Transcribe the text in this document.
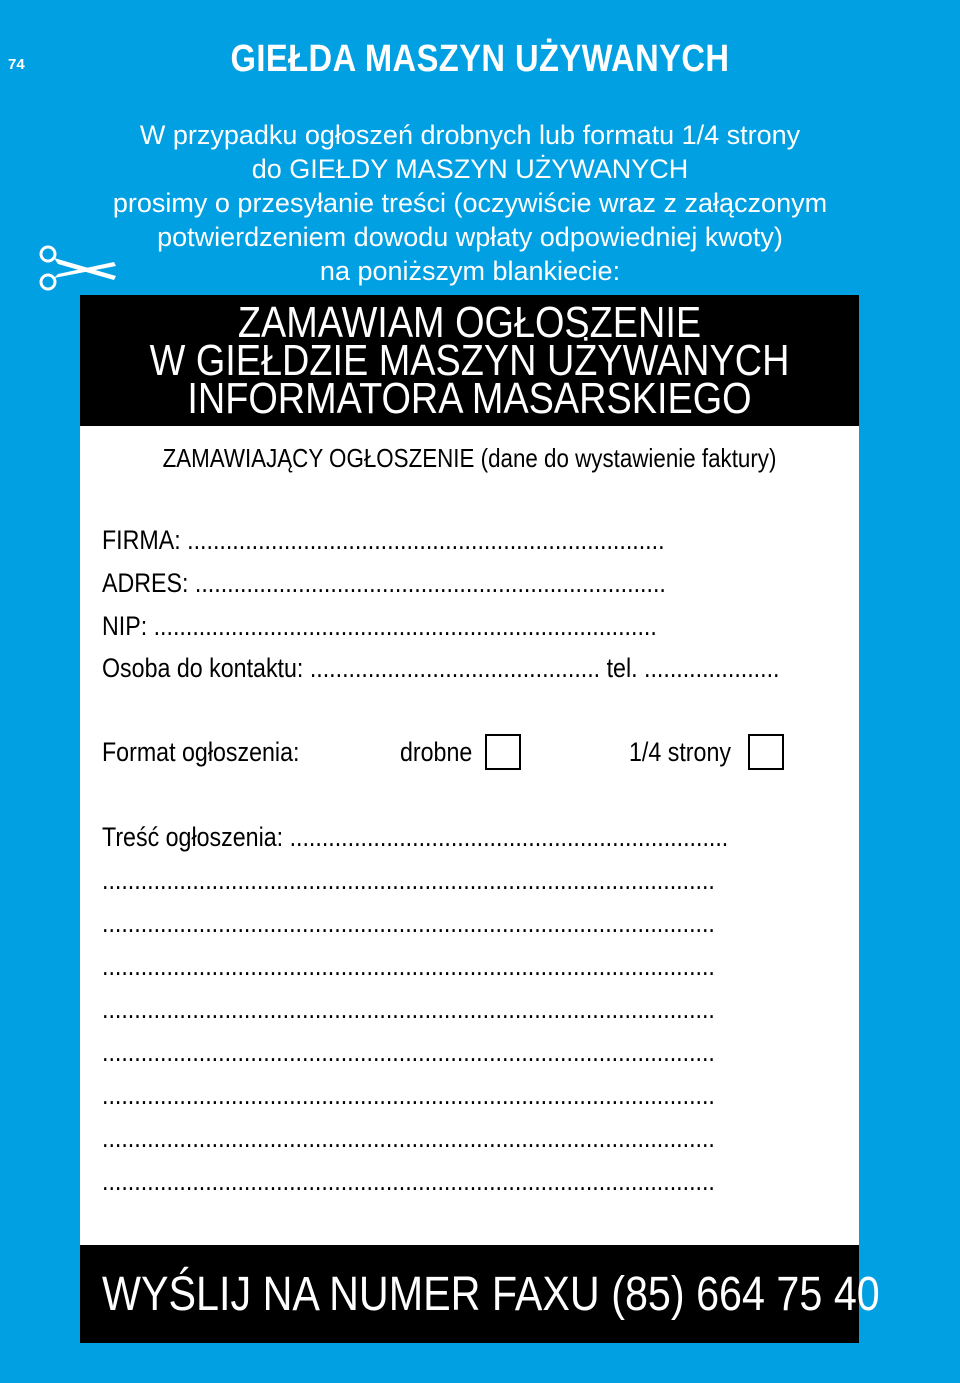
74	GIEŁDA MASZYN UŻYWANYCH
W przypadku ogłoszeń drobnych lub formatu 1/4 strony
do GIEŁDY MASZYN UŻYWANYCH
prosimy o przesyłanie treści (oczywiście wraz z załączonym
potwierdzeniem dowodu wpłaty odpowiedniej kwoty)
na poniższym blankiecie:
ZAMAWIAM OGŁOSZENIE
W GIEŁDZIE MASZYN UŻYWANYCH
INFORMATORA MASARSKIEGO
ZAMAWIAJĄCY OGŁOSZENIE (dane do wystawienie faktury)
FIRMA: ..........................................................................
ADRES: .........................................................................
NIP: ..............................................................................
Osoba do kontaktu: ............................................. tel. .....................
Format ogłoszenia:	drobne	1/4 strony
Treść ogłoszenia: ....................................................................
...............................................................................................
...............................................................................................
...............................................................................................
...............................................................................................
...............................................................................................
...............................................................................................
...............................................................................................
...............................................................................................
WYŚLIJ NA NUMER FAXU (85) 664 75 40
